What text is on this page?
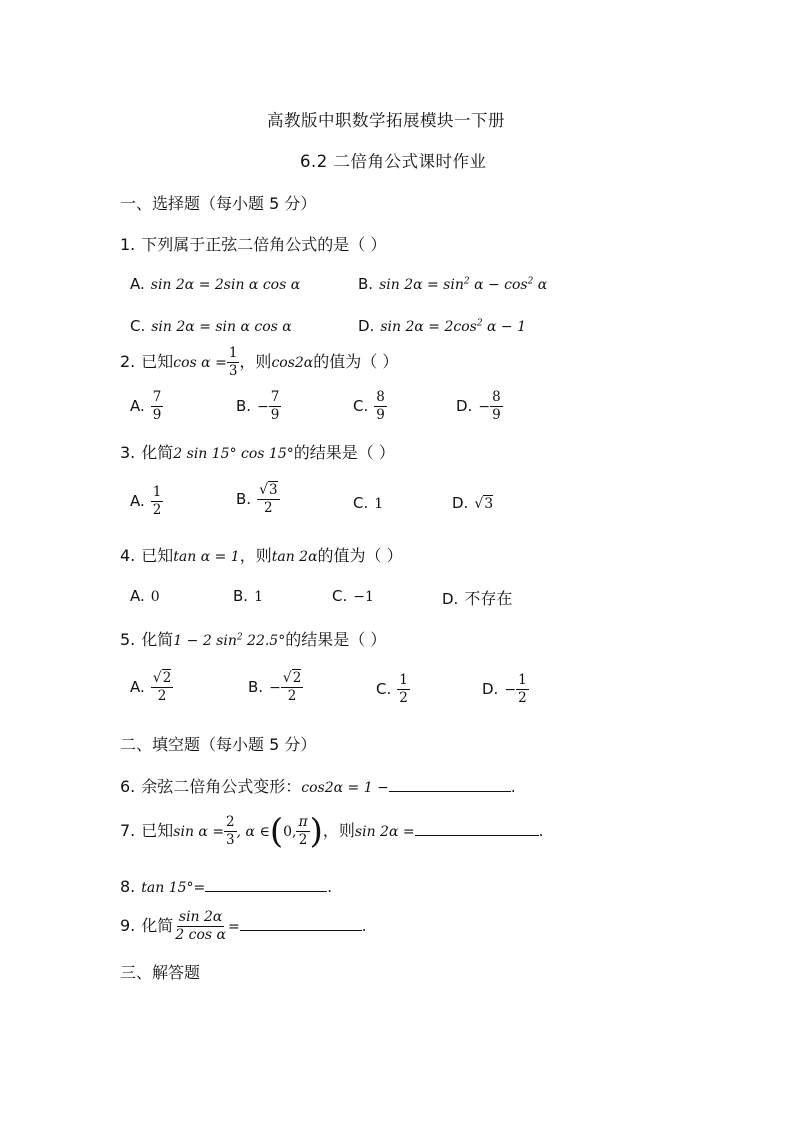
高教版中职数学拓展模块一下册
6.2 二倍角公式课时作业
一、选择题（每小题 5 分）
1. 下列属于正弦二倍角公式的是（ ）
A. sin 2α = 2sin α cos α	B. $\sin 2\alpha = \sin^2 \alpha - \cos^2 \alpha$
C. sin 2α = sin α cos α	D. $\sin 2\alpha = 2\cos^2$ α − 1
2. 已知$\cos \alpha = \frac{1}{3}$ ，则cos2α的值为（ ）
A. $\frac{7}{9}$	B. − $\frac{7}{9}$	C. $\frac{8}{9}$	D. − $\frac{8}{9}$
3. 化简2 sin 15° cos 15°的结果是（ ）
A. $\frac{1}{2}$	B. $\frac{√3}{2}$	C. 1	D. √3
4. 已知tan α = 1，则tan 2α的值为（ ）
A. 0	B. 1	C. −1	D. 不存在
5. 化简1 − 2 $\sin^2 22.5^\circ$的结果是（ ）
A. $\frac{√2}{2}$	B. − $\frac{√2}{2}$	C. $\frac{1}{2}$	D. − $\frac{1}{2}$
二、填空题（每小题 5 分）
6. 余弦二倍角公式变形：cos2α = 1 −	.
7. 已知$\sin \alpha = \frac{2}{3}$ , α ∈(0, $\frac{\pi}{2}$ )，则sin 2α =	.
8. tan 15°=	.
9. 化简 $\frac{\sin 2\alpha}{\text{2 cos α}}$ =	.
三、解答题
